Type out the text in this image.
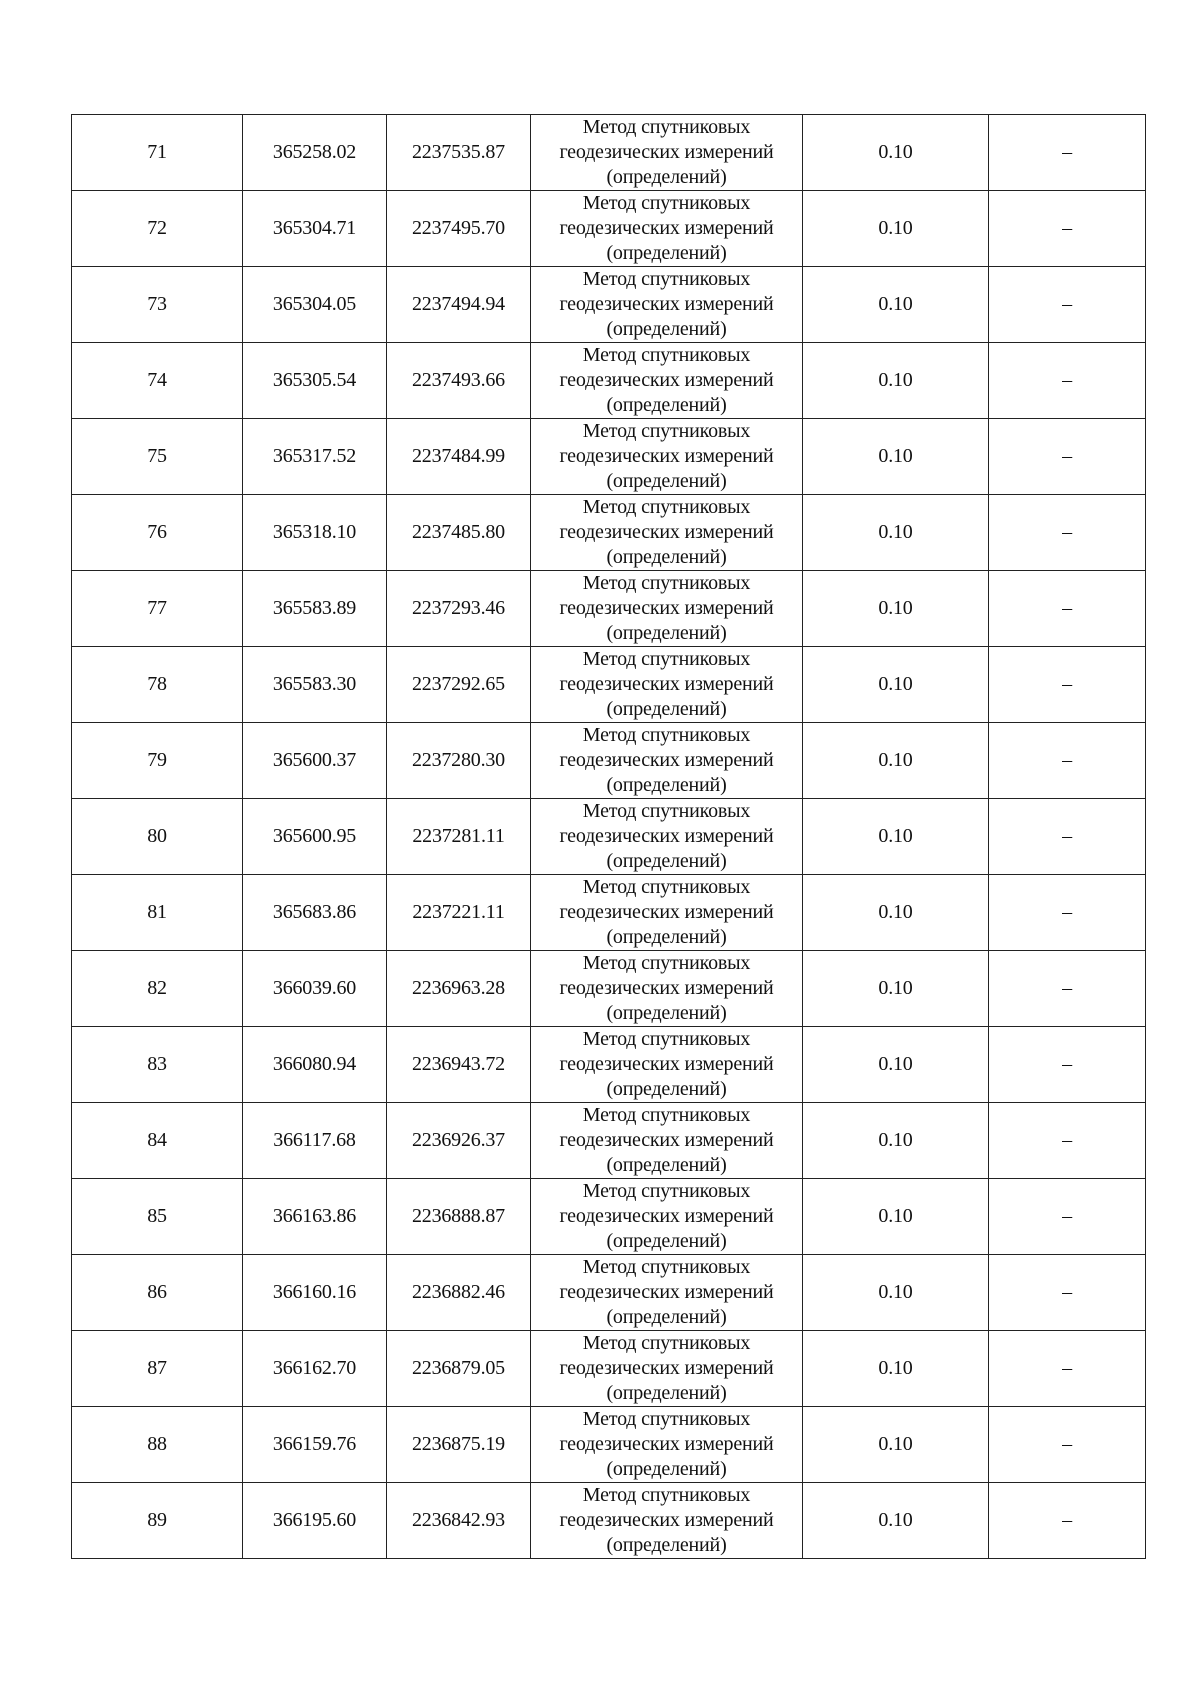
71	365258.02	2237535.87	Метод спутниковых
геодезических измерений
(определений)	0.10	–
72	365304.71	2237495.70	Метод спутниковых
геодезических измерений
(определений)	0.10	–
73	365304.05	2237494.94	Метод спутниковых
геодезических измерений
(определений)	0.10	–
74	365305.54	2237493.66	Метод спутниковых
геодезических измерений
(определений)	0.10	–
75	365317.52	2237484.99	Метод спутниковых
геодезических измерений
(определений)	0.10	–
76	365318.10	2237485.80	Метод спутниковых
геодезических измерений
(определений)	0.10	–
77	365583.89	2237293.46	Метод спутниковых
геодезических измерений
(определений)	0.10	–
78	365583.30	2237292.65	Метод спутниковых
геодезических измерений
(определений)	0.10	–
79	365600.37	2237280.30	Метод спутниковых
геодезических измерений
(определений)	0.10	–
80	365600.95	2237281.11	Метод спутниковых
геодезических измерений
(определений)	0.10	–
81	365683.86	2237221.11	Метод спутниковых
геодезических измерений
(определений)	0.10	–
82	366039.60	2236963.28	Метод спутниковых
геодезических измерений
(определений)	0.10	–
83	366080.94	2236943.72	Метод спутниковых
геодезических измерений
(определений)	0.10	–
84	366117.68	2236926.37	Метод спутниковых
геодезических измерений
(определений)	0.10	–
85	366163.86	2236888.87	Метод спутниковых
геодезических измерений
(определений)	0.10	–
86	366160.16	2236882.46	Метод спутниковых
геодезических измерений
(определений)	0.10	–
87	366162.70	2236879.05	Метод спутниковых
геодезических измерений
(определений)	0.10	–
88	366159.76	2236875.19	Метод спутниковых
геодезических измерений
(определений)	0.10	–
89	366195.60	2236842.93	Метод спутниковых
геодезических измерений
(определений)	0.10	–
